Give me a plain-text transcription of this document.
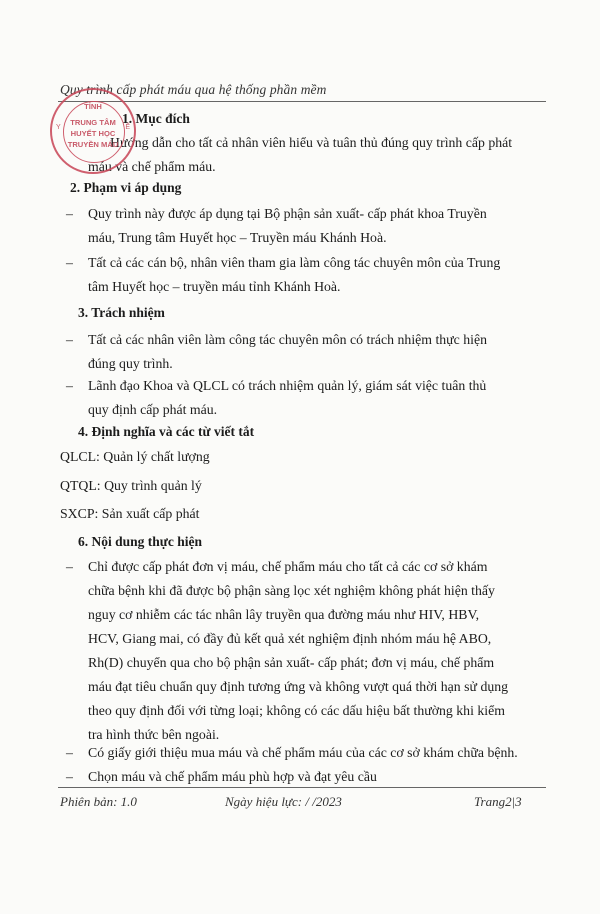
Quy trình cấp phát máu qua hệ thống phần mềm
1. Mục đích
Hướng dẫn cho tất cả nhân viên hiểu và tuân thủ đúng quy trình cấp phát
máu và chế phẩm máu.
2. Phạm vi áp dụng
– Quy trình này được áp dụng tại Bộ phận sản xuất- cấp phát khoa Truyền
máu, Trung tâm Huyết học – Truyền máu Khánh Hoà.
– Tất cả các cán bộ, nhân viên tham gia làm công tác chuyên môn của Trung
tâm Huyết học – truyền máu tỉnh Khánh Hoà.
3. Trách nhiệm
– Tất cả các nhân viên làm công tác chuyên môn có trách nhiệm thực hiện
đúng quy trình.
– Lãnh đạo Khoa và QLCL có trách nhiệm quản lý, giám sát việc tuân thủ
quy định cấp phát máu.
4. Định nghĩa và các từ viết tắt
QLCL: Quản lý chất lượng
QTQL: Quy trình quản lý
SXCP: Sản xuất cấp phát
6. Nội dung thực hiện
– Chỉ được cấp phát đơn vị máu, chế phẩm máu cho tất cả các cơ sở khám
chữa bệnh khi đã được bộ phận sàng lọc xét nghiệm không phát hiện thấy
nguy cơ nhiễm các tác nhân lây truyền qua đường máu như HIV, HBV,
HCV, Giang mai, có đầy đủ kết quả xét nghiệm định nhóm máu hệ ABO,
Rh(D) chuyển qua cho bộ phận sản xuất- cấp phát; đơn vị máu, chế phẩm
máu đạt tiêu chuẩn quy định tương ứng và không vượt quá thời hạn sử dụng
theo quy định đối với từng loại; không có các dấu hiệu bất thường khi kiểm
tra hình thức bên ngoài.
– Có giấy giới thiệu mua máu và chế phẩm máu của các cơ sở khám chữa bệnh.
– Chọn máu và chế phẩm máu phù hợp và đạt yêu cầu
TỈNH
TRUNG TÂM
HUYẾT HỌC
TRUYỀN MÁU
Y	Ế
Phiên bản: 1.0	Ngày hiệu lực: / /2023	Trang2|3
